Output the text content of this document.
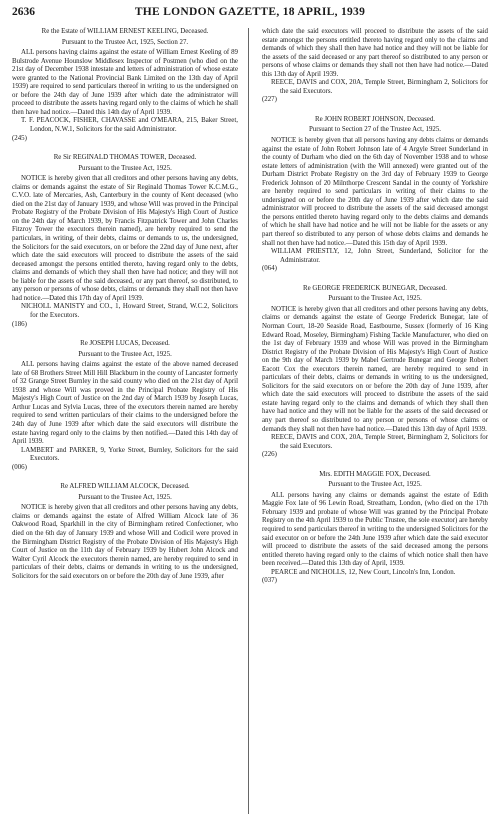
2636	THE LONDON GAZETTE, 18 APRIL, 1939

Re the Estate of WILLIAM ERNEST KEELING, Deceased.

Pursuant to the Trustee Act, 1925, Section 27.

ALL persons having claims against the estate of William Ernest Keeling of 89 Bulstrode Avenue Hounslow Middlesex Inspector of Postmen (who died on the 21st day of December 1938 intestate and letters of administration of whose estate were granted to the National Provincial Bank Limited on the 13th day of April 1939) are required to send particulars thereof in writing to us the undersigned on or before the 24th day of June 1939 after which date the administrator will proceed to distribute the assets having regard only to the claims of which he shall then have had notice.—Dated this 14th day of April 1939.

T. F. PEACOCK, FISHER, CHAVASSE and O'MEARA, 215, Baker Street, London, N.W.1, Solicitors for the said Administrator.

(245)

Re Sir REGINALD THOMAS TOWER, Deceased.

Pursuant to the Trustee Act, 1925.

NOTICE is hereby given that all creditors and other persons having any debts, claims or demands against the estate of Sir Reginald Thomas Tower K.C.M.G., C.V.O. late of Mercaries, Ash, Canterbury in the county of Kent deceased (who died on the 21st day of January 1939, and whose Will was proved in the Principal Probate Registry of the Probate Division of His Majesty's High Court of Justice on the 24th day of March 1939, by Francis Fitzpatrick Tower and John Charles Fitzroy Tower the executors therein named), are hereby required to send the particulars, in writing, of their debts, claims or demands to us, the undersigned, the Solicitors for the said executors, on or before the 22nd day of June next, after which date the said executors will proceed to distribute the assets of the said deceased amongst the persons entitled thereto, having regard only to the debts, claims and demands of which they shall then have had notice; and they will not be liable for the assets of the said deceased, or any part thereof, so distributed, to any person or persons of whose debts, claims or demands they shall not then have had notice.—Dated this 17th day of April 1939.

NICHOLL MANISTY and CO., 1, Howard Street, Strand, W.C.2, Solicitors for the Executors.

(186)

Re JOSEPH LUCAS, Deceased.

Pursuant to the Trustee Act, 1925.

ALL persons having claims against the estate of the above named deceased late of 68 Brothers Street Mill Hill Blackburn in the county of Lancaster formerly of 32 Grange Street Burnley in the said county who died on the 21st day of April 1938 and whose Will was proved in the Principal Probate Registry of His Majesty's High Court of Justice on the 2nd day of March 1939 by Joseph Lucas, Arthur Lucas and Sylvia Lucas, three of the executors therein named are hereby required to send written particulars of their claims to the undersigned before the 24th day of June 1939 after which date the said executors will distribute the estate having regard only to the claims by then notified.—Dated this 14th day of April 1939.

LAMBERT and PARKER, 9, Yorke Street, Burnley, Solicitors for the said Executors.

(006)

Re ALFRED WILLIAM ALCOCK, Deceased.

Pursuant to the Trustee Act, 1925.

NOTICE is hereby given that all creditors and other persons having any debts, claims or demands against the estate of Alfred William Alcock late of 36 Oakwood Road, Sparkhill in the city of Birmingham retired Confectioner, who died on the 6th day of January 1939 and whose Will and Codicil were proved in the Birmingham District Registry of the Probate Division of His Majesty's High Court of Justice on the 11th day of February 1939 by Hubert John Alcock and Walter Cyril Alcock the executors therein named, are hereby required to send in particulars of their debts, claims or demands in writing to us the undersigned, Solicitors for the said executors on or before the 20th day of June 1939, after

which date the said executors will proceed to distribute the assets of the said estate amongst the persons entitled thereto having regard only to the claims and demands of which they shall then have had notice and they will not be liable for the assets of the said deceased or any part thereof so distributed to any person or persons of whose claims or demands they shall not then have had notice.—Dated this 13th day of April 1939.

REECE, DAVIS and COX, 20A, Temple Street, Birmingham 2, Solicitors for the said Executors.

(227)

Re JOHN ROBERT JOHNSON, Deceased.

Pursuant to Section 27 of the Trustee Act, 1925.

NOTICE is hereby given that all persons having any debts claims or demands against the estate of John Robert Johnson late of 4 Argyle Street Sunderland in the county of Durham who died on the 6th day of November 1938 and to whose estate letters of administration (with the Will annexed) were granted out of the Durham District Probate Registry on the 3rd day of February 1939 to George Frederick Johnson of 20 Milnthorpe Crescent Sandal in the county of Yorkshire are hereby required to send particulars in writing of their claims to the undersigned on or before the 20th day of June 1939 after which date the said administrator will proceed to distribute the assets of the said deceased amongst the persons entitled thereto having regard only to the debts claims and demands of which he shall have had notice and he will not be liable for the assets or any part thereof so distributed to any person of whose debts claims and demands he shall not then have had notice.—Dated this 15th day of April 1939.

WILLIAM PRIESTLY, 12, John Street, Sunderland, Solicitor for the Administrator.

(064)

Re GEORGE FREDERICK BUNEGAR, Deceased.

Pursuant to the Trustee Act, 1925.

NOTICE is hereby given that all creditors and other persons having any debts, claims or demands against the estate of George Frederick Bunegar, late of Norman Court, 18-20 Seaside Road, Eastbourne, Sussex (formerly of 16 King Edward Road, Moseley, Birmingham) Fishing Tackle Manufacturer, who died on the 1st day of February 1939 and whose Will was proved in the Birmingham District Registry of the Probate Division of His Majesty's High Court of Justice on the 9th day of March 1939 by Mabel Gertrude Bunegar and George Robert Eacott Cox the executors therein named, are hereby required to send in particulars of their debts, claims or demands in writing to us the undersigned, Solicitors for the said executors on or before the 20th day of June 1939, after which date the said executors will proceed to distribute the assets of the said estate having regard only to the claims and demands of which they shall then have had notice and they will not be liable for the assets of the said deceased or any part thereof so distributed to any person or persons of whose claims or demands they shall not then have had notice.—Dated this 13th day of April 1939.

REECE, DAVIS and COX, 20A, Temple Street, Birmingham 2, Solicitors for the said Executors.

(226)

Mrs. EDITH MAGGIE FOX, Deceased.

Pursuant to the Trustee Act, 1925.

ALL persons having any claims or demands against the estate of Edith Maggie Fox late of 96 Lewin Road, Streatham, London, (who died on the 17th February 1939 and probate of whose Will was granted by the Principal Probate Registry on the 4th April 1939 to the Public Trustee, the sole executor) are hereby required to send particulars thereof in writing to the undersigned Solicitors for the said executor on or before the 24th June 1939 after which date the said executor will proceed to distribute the assets of the said deceased among the persons entitled thereto having regard only to the claims of which notice shall then have been received.—Dated this 13th day of April, 1939.

PEARCE and NICHOLLS, 12, New Court, Lincoln's Inn, London.

(037)
